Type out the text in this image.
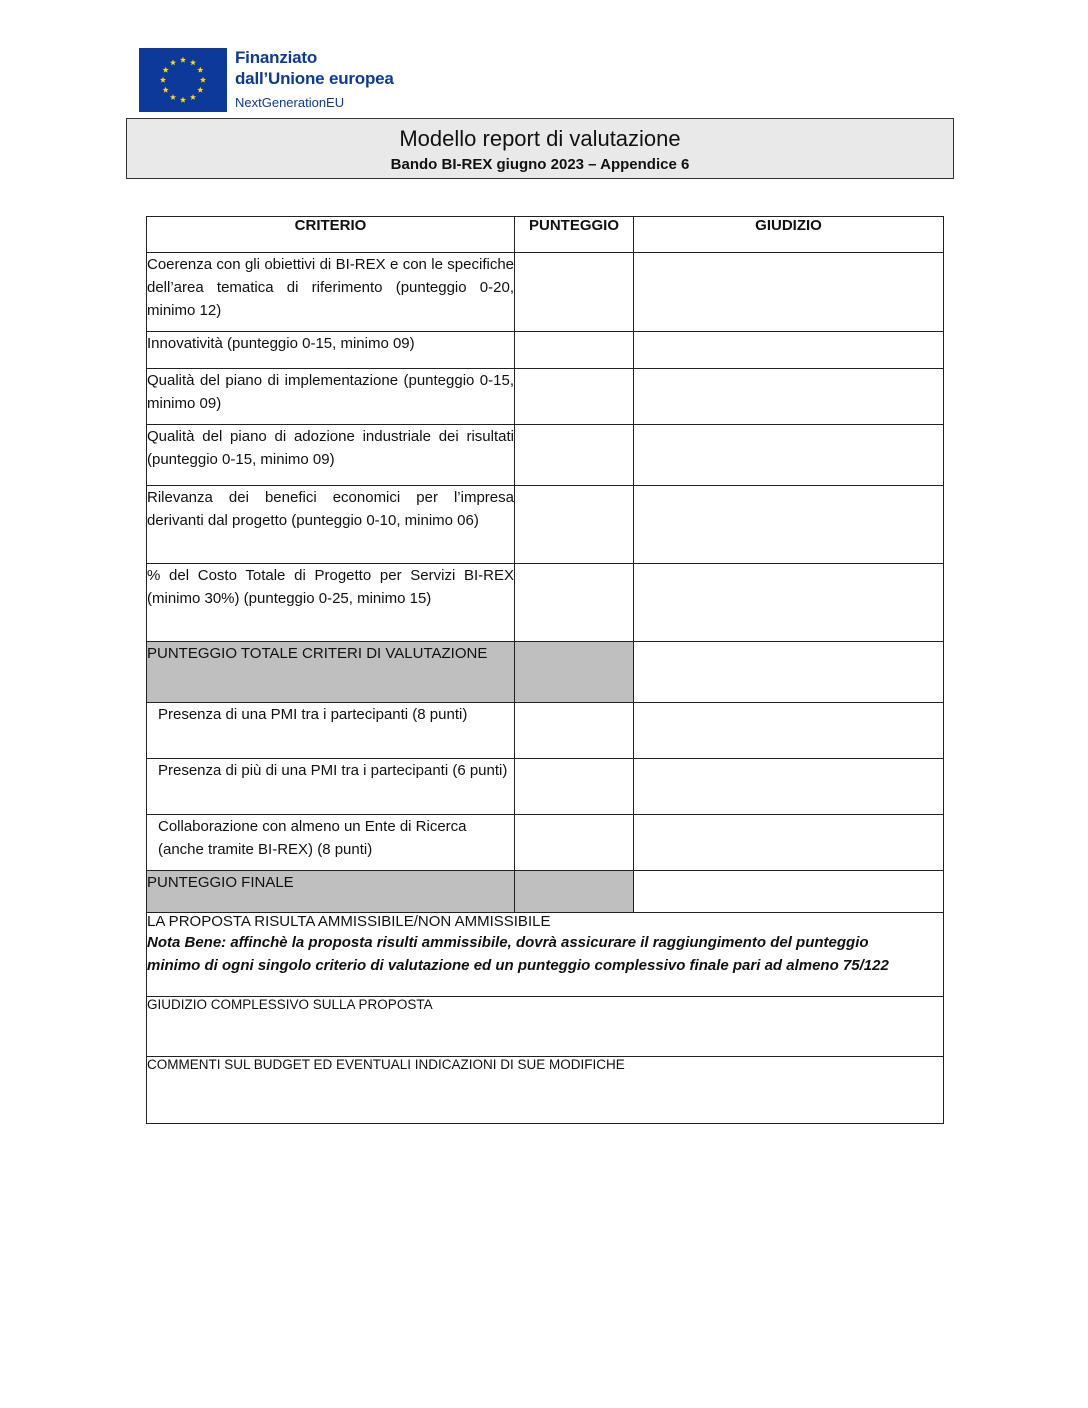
Finanziato
dall’Unione europea
NextGenerationEU
Modello report di valutazione
Bando BI-REX giugno 2023 – Appendice 6
CRITERIO	PUNTEGGIO	GIUDIZIO
Coerenza con gli obiettivi di BI-REX e con le specifiche dell’area tematica di riferimento (punteggio 0-20, minimo 12)		
Innovatività (punteggio 0-15, minimo 09)		
Qualità del piano di implementazione (punteggio 0-15, minimo 09)		
Qualità del piano di adozione industriale dei risultati (punteggio 0-15, minimo 09)		
Rilevanza dei benefici economici per l’impresa derivanti dal progetto (punteggio 0-10, minimo 06)		
% del Costo Totale di Progetto per Servizi BI-REX (minimo 30%) (punteggio 0-25, minimo 15)		
PUNTEGGIO TOTALE CRITERI DI VALUTAZIONE		
Presenza di una PMI tra i partecipanti (8 punti)		
Presenza di più di una PMI tra i partecipanti (6 punti)		
Collaborazione con almeno un Ente di Ricerca (anche tramite BI-REX) (8 punti)		
PUNTEGGIO FINALE		

LA PROPOSTA RISULTA AMMISSIBILE/NON AMMISSIBILE
Nota Bene: affinchè la proposta risulti ammissibile, dovrà assicurare il raggiungimento del punteggio
minimo di ogni singolo criterio di valutazione ed un punteggio complessivo finale pari ad almeno 75/122		

GIUDIZIO COMPLESSIVO SULLA PROPOSTA		

COMMENTI SUL BUDGET ED EVENTUALI INDICAZIONI DI SUE MODIFICHE		
